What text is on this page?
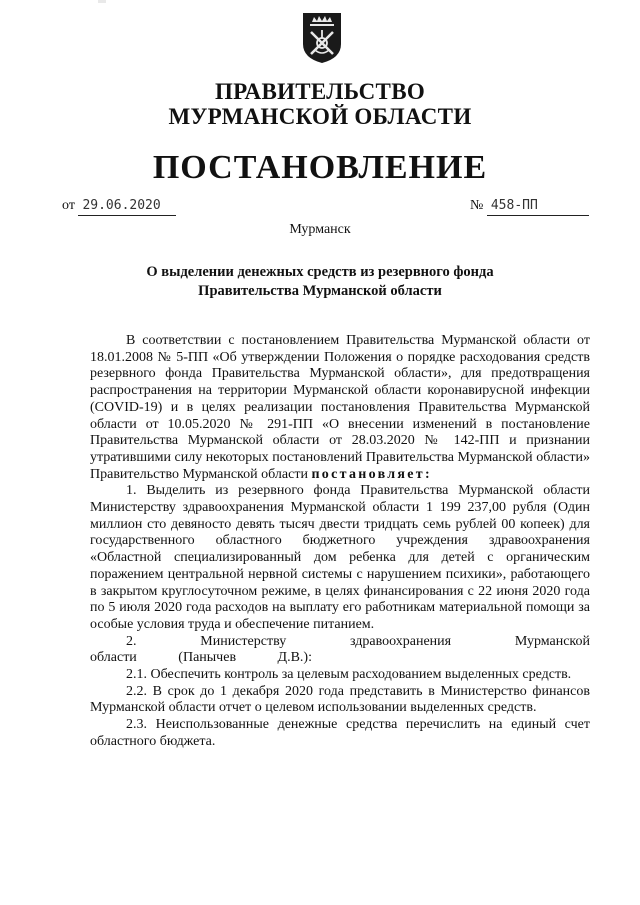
ПРАВИТЕЛЬСТВО
МУРМАНСКОЙ ОБЛАСТИ
ПОСТАНОВЛЕНИЕ
от 29.06.2020	№ 458-ПП
Мурманск
О выделении денежных средств из резервного фонда
Правительства Мурманской области

В соответствии с постановлением Правительства Мурманской области от 18.01.2008 № 5-ПП «Об утверждении Положения о порядке расходования средств резервного фонда Правительства Мурманской области», для предотвращения распространения на территории Мурманской области коронавирусной инфекции (COVID-19) и в целях реализации постановления Правительства Мурманской области от 10.05.2020 № 291-ПП «О внесении изменений в постановление Правительства Мурманской области от 28.03.2020 № 142-ПП и признании утратившими силу некоторых постановлений Правительства Мурманской области» Правительство Мурманской области постановляет:

1. Выделить из резервного фонда Правительства Мурманской области Министерству здравоохранения Мурманской области 1 199 237,00 рубля (Один миллион сто девяносто девять тысяч двести тридцать семь рублей 00 копеек) для государственного областного бюджетного учреждения здравоохранения «Областной специализированный дом ребенка для детей с органическим поражением центральной нервной системы с нарушением психики», работающего в закрытом круглосуточном режиме, в целях финансирования с 22 июня 2020 года по 5 июля 2020 года расходов на выплату его работникам материальной помощи за особые условия труда и обеспечение питанием.

2. Министерству здравоохранения Мурманской области (Панычев Д.В.):

2.1. Обеспечить контроль за целевым расходованием выделенных средств.

2.2. В срок до 1 декабря 2020 года представить в Министерство финансов Мурманской области отчет о целевом использовании выделенных средств.

2.3. Неиспользованные денежные средства перечислить на единый счет областного бюджета.
